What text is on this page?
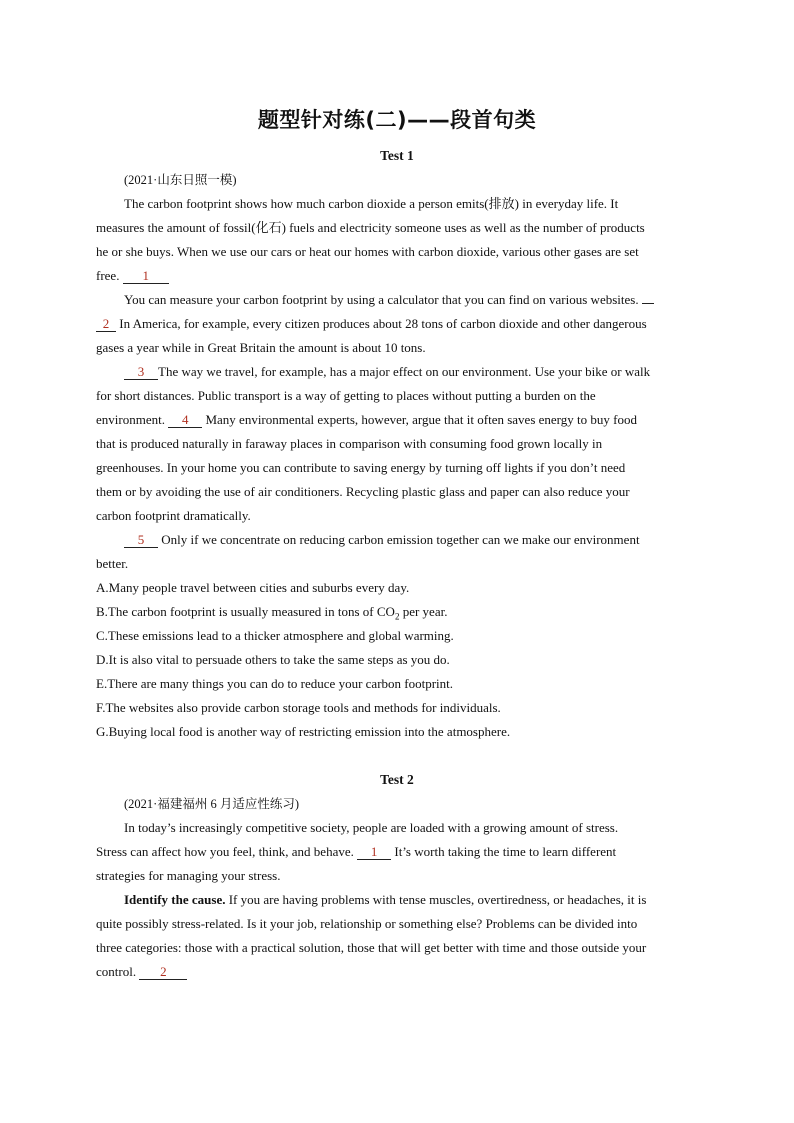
题型针对练(二)——段首句类
Test 1
(2021·山东日照一模)
The carbon footprint shows how much carbon dioxide a person emits(排放) in everyday life. It
measures the amount of fossil(化石) fuels and electricity someone uses as well as the number of products
he or she buys. When we use our cars or heat our homes with carbon dioxide, various other gases are set
free. 1
You can measure your carbon footprint by using a calculator that you can find on various websites.
2 In America, for example, every citizen produces about 28 tons of carbon dioxide and other dangerous
gases a year while in Great Britain the amount is about 10 tons.
3 The way we travel, for example, has a major effect on our environment. Use your bike or walk
for short distances. Public transport is a way of getting to places without putting a burden on the
environment. 4 Many environmental experts, however, argue that it often saves energy to buy food
that is produced naturally in faraway places in comparison with consuming food grown locally in
greenhouses. In your home you can contribute to saving energy by turning off lights if you don’t need
them or by avoiding the use of air conditioners. Recycling plastic glass and paper can also reduce your
carbon footprint dramatically.
5 Only if we concentrate on reducing carbon emission together can we make our environment
better.
A.Many people travel between cities and suburbs every day.
B.The carbon footprint is usually measured in tons of $CO_2$ per year.
C.These emissions lead to a thicker atmosphere and global warming.
D.It is also vital to persuade others to take the same steps as you do.
E.There are many things you can do to reduce your carbon footprint.
F.The websites also provide carbon storage tools and methods for individuals.
G.Buying local food is another way of restricting emission into the atmosphere.
Test 2
(2021·福建福州 6 月适应性练习)
In today’s increasingly competitive society, people are loaded with a growing amount of stress.
Stress can affect how you feel, think, and behave. 1 It’s worth taking the time to learn different
strategies for managing your stress.
Identify the cause. If you are having problems with tense muscles, overtiredness, or headaches, it is
quite possibly stress-related. Is it your job, relationship or something else? Problems can be divided into
three categories: those with a practical solution, those that will get better with time and those outside your
control. 2
